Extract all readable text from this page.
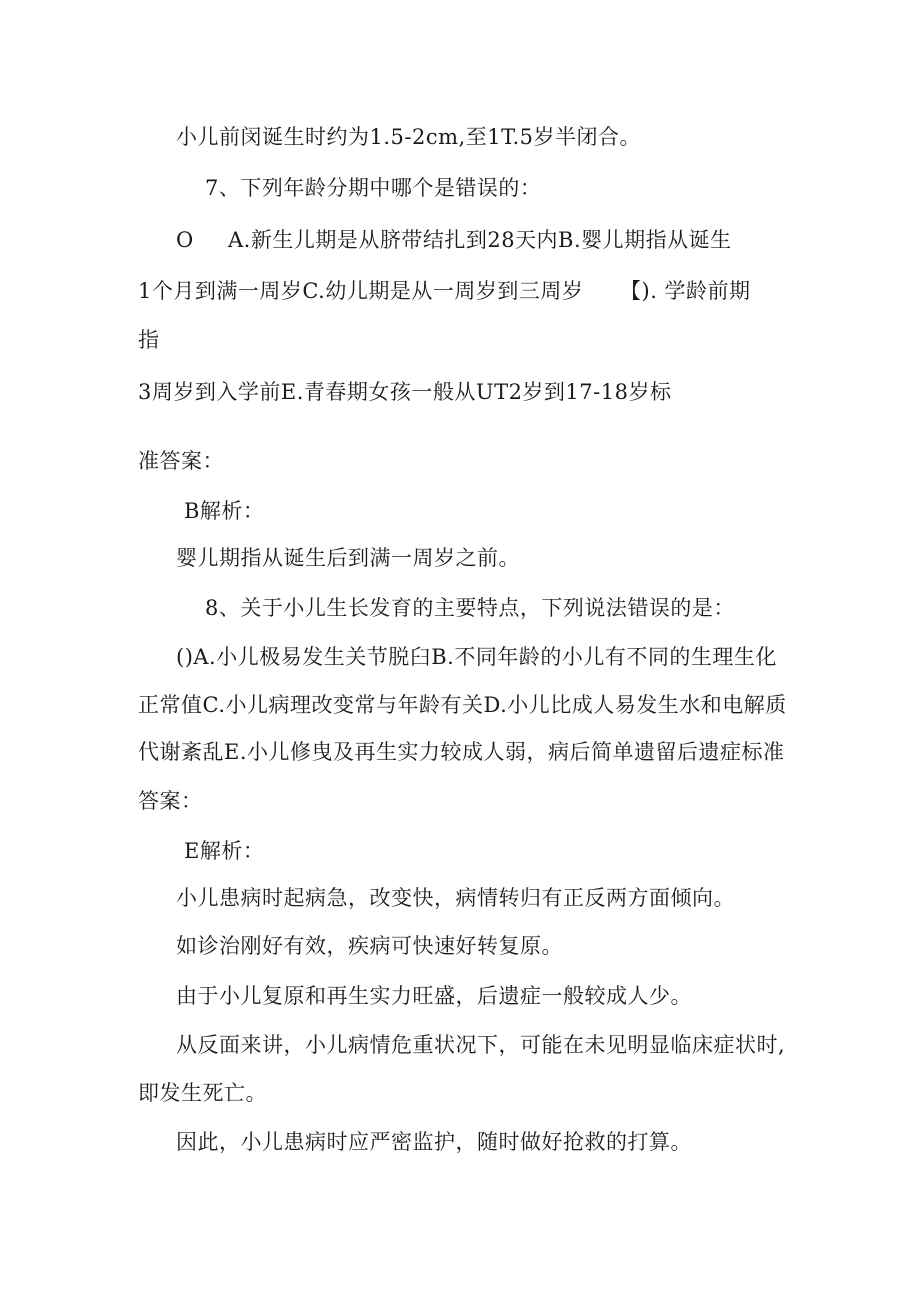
小儿前闵诞生时约为1.5-2cm,至1T.5岁半闭合。
7、下列年龄分期中哪个是错误的：
O A.新生儿期是从脐带结扎到28天内B.婴儿期指从诞生
1个月到满一周岁C.幼儿期是从一周岁到三周岁 【). 学龄前期
指
3周岁到入学前E.青春期女孩一般从UT2岁到17-18岁标
准答案：
B解析：
婴儿期指从诞生后到满一周岁之前。
8、关于小儿生长发育的主要特点，下列说法错误的是：
()A.小儿极易发生关节脱臼B.不同年龄的小儿有不同的生理生化
正常值C.小儿病理改变常与年龄有关D.小儿比成人易发生水和电解质
代谢紊乱E.小儿修曳及再生实力较成人弱，病后简单遗留后遗症标准
答案：
E解析：
小儿患病时起病急，改变快，病情转归有正反两方面倾向。
如诊治刚好有效，疾病可快速好转复原。
由于小儿复原和再生实力旺盛，后遗症一般较成人少。
从反面来讲，小儿病情危重状况下，可能在未见明显临床症状时,
即发生死亡。
因此，小儿患病时应严密监护，随时做好抢救的打算。
